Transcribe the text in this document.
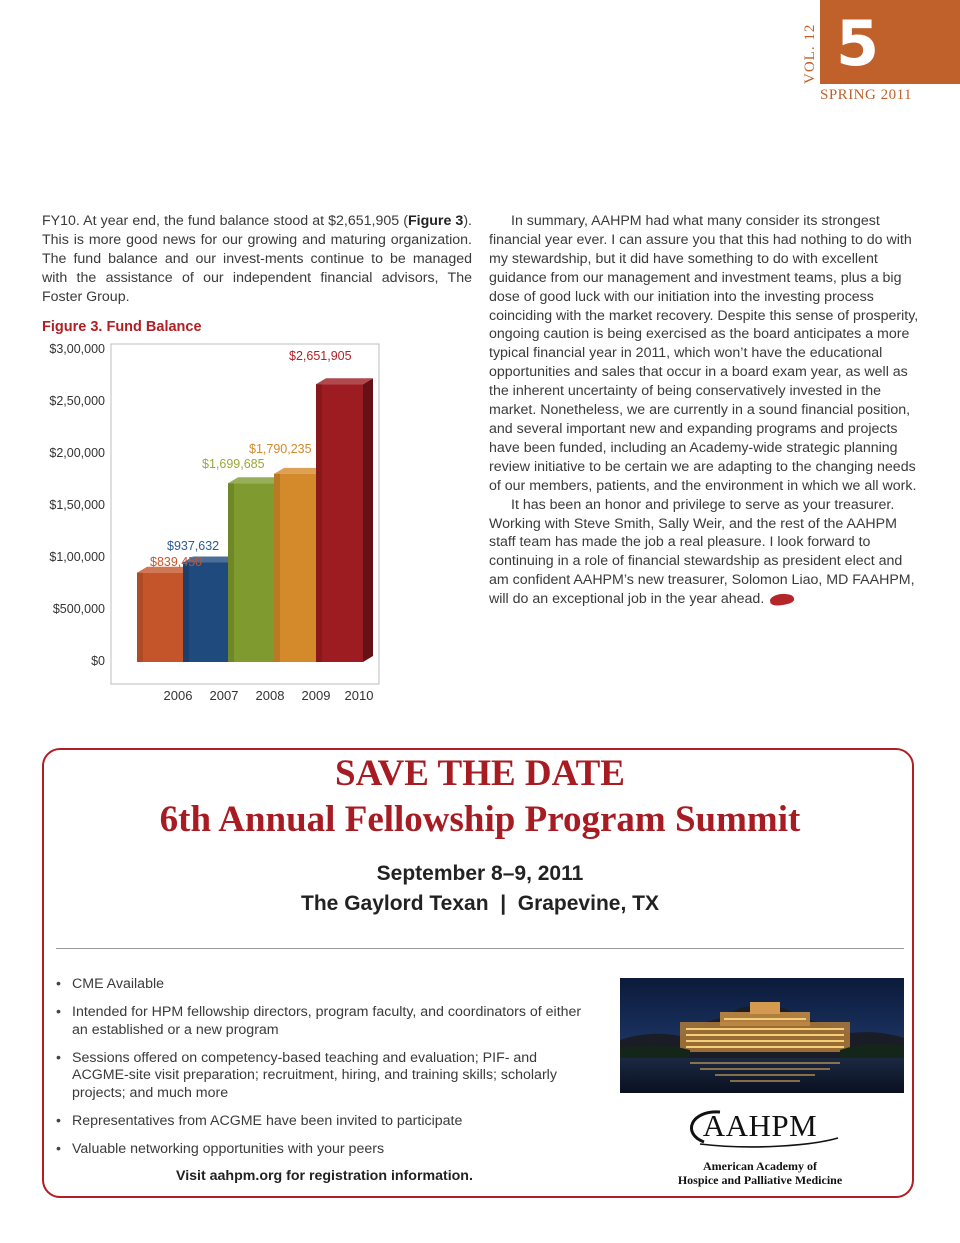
5
VOL. 12
SPRING 2011

FY10. At year end, the fund balance stood at $2,651,905 (Figure 3). This is more good news for our growing and maturing organization. The fund balance and our invest-ments continue to be managed with the assistance of our independent financial advisors, The Foster Group.

Figure 3. Fund Balance
$0
$500,000
$1,00,000
$1,50,000
$2,00,000
$2,50,000
$3,00,000
$839,450
$937,632
$1,699,685
$1,790,235
$2,651,905
2006 2007 2008 2009 2010

In summary, AAHPM had what many consider its strongest financial year ever. I can assure you that this had nothing to do with my stewardship, but it did have something to do with excellent guidance from our management and investment teams, plus a big dose of good luck with our initiation into the investing process coinciding with the market recovery. Despite this sense of prosperity, ongoing caution is being exercised as the board anticipates a more typical financial year in 2011, which won’t have the educational opportunities and sales that occur in a board exam year, as well as the inherent uncertainty of being conservatively invested in the market. Nonetheless, we are currently in a sound financial position, and several important new and expanding programs and projects have been funded, including an Academy-wide strategic planning review initiative to be certain we are adapting to the changing needs of our members, patients, and the environment in which we all work.

It has been an honor and privilege to serve as your treasurer. Working with Steve Smith, Sally Weir, and the rest of the AAHPM staff team has made the job a real pleasure. I look forward to continuing in a role of financial stewardship as president elect and am confident AAHPM’s new treasurer, Solomon Liao, MD FAAHPM, will do an exceptional job in the year ahead.

SAVE THE DATE
6th Annual Fellowship Program Summit
September 8–9, 2011
The Gaylord Texan  |  Grapevine, TX
• CME Available
• Intended for HPM fellowship directors, program faculty, and coordinators of either an established or a new program
• Sessions offered on competency-based teaching and evaluation; PIF- and ACGME-site visit preparation; recruitment, hiring, and training skills; scholarly projects; and much more
• Representatives from ACGME have been invited to participate
• Valuable networking opportunities with your peers
Visit aahpm.org for registration information.
AAHPM
American Academy of
Hospice and Palliative Medicine
